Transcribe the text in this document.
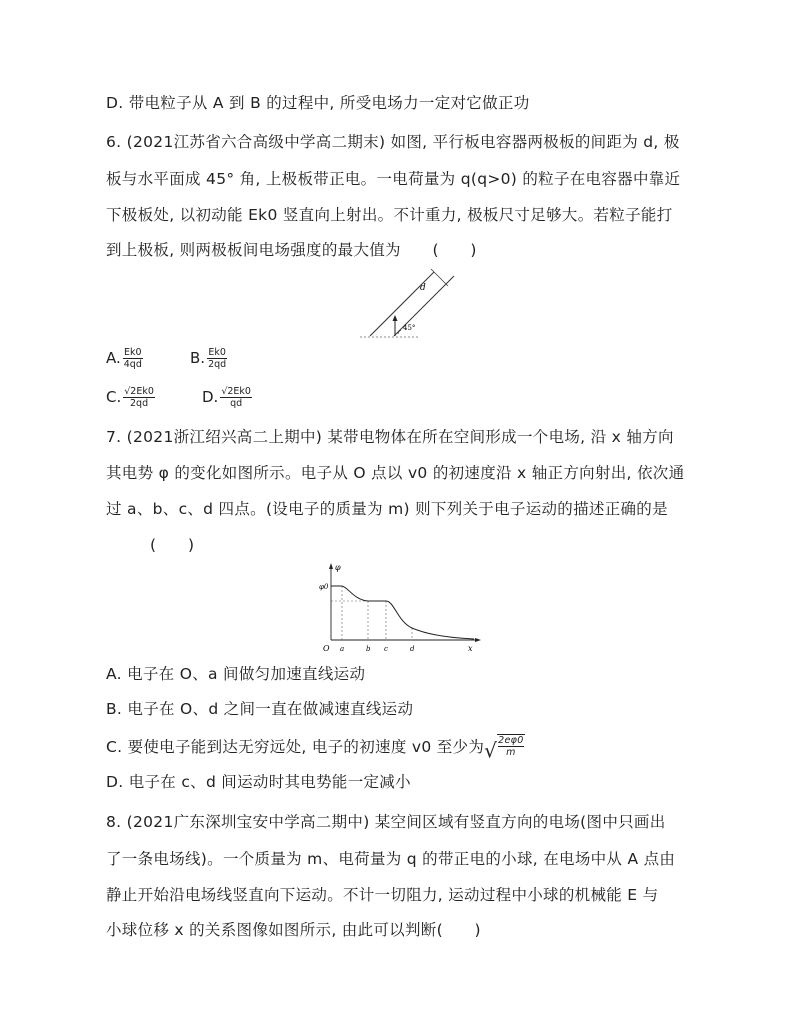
D. 带电粒子从 A 到 B 的过程中, 所受电场力一定对它做正功
6. (2021江苏省六合高级中学高二期末) 如图, 平行板电容器两极板的间距为 d, 极
板与水平面成 45° 角, 上极板带正电。一电荷量为 q(q>0) 的粒子在电容器中靠近
下极板处, 以初动能 Ek0 竖直向上射出。不计重力, 极板尺寸足够大。若粒子能打
到上极板, 则两极板间电场强度的最大值为　　(　　)
d
45°
A. $\frac{Ek0}{4qd}$	B. $\frac{Ek0}{2qd}$
C. $\frac{√2Ek0}{2qd}$	D. $\frac{√2Ek0}{qd}$
7. (2021浙江绍兴高二上期中) 某带电物体在所在空间形成一个电场, 沿 x 轴方向
其电势 φ 的变化如图所示。电子从 O 点以 v0 的初速度沿 x 轴正方向射出, 依次通
过 a、b、c、d 四点。(设电子的质量为 m) 则下列关于电子运动的描述正确的是
(　　)
φ
φ0
O a	b c	d	x
A. 电子在 O、a 间做匀加速直线运动
B. 电子在 O、d 之间一直在做减速直线运动
C. 要使电子能到达无穷远处, 电子的初速度 v0 至少为√ $\frac{2e\varphi 0}{m}$
D. 电子在 c、d 间运动时其电势能一定减小
8. (2021广东深圳宝安中学高二期中) 某空间区域有竖直方向的电场(图中只画出
了一条电场线)。一个质量为 m、电荷量为 q 的带正电的小球, 在电场中从 A 点由
静止开始沿电场线竖直向下运动。不计一切阻力, 运动过程中小球的机械能 E 与
小球位移 x 的关系图像如图所示, 由此可以判断(　　)
